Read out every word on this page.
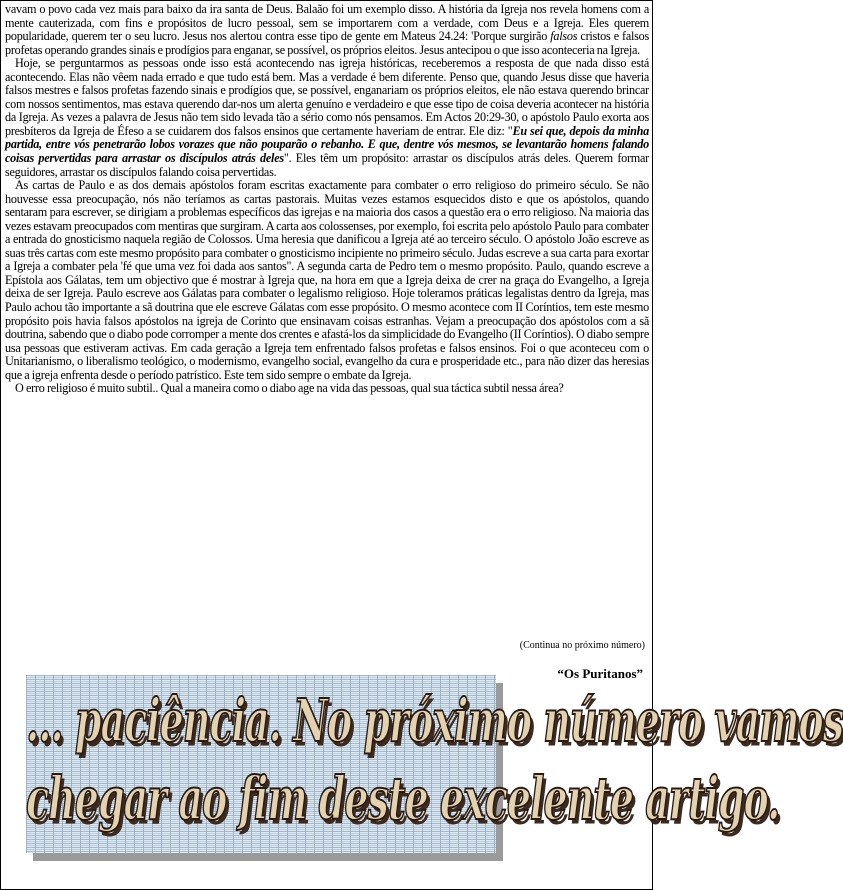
vavam o povo cada vez mais para baixo da ira santa de Deus. Balaão foi um exemplo disso. A história da Igreja nos revela homens com a mente cauterizada, com fins e propósitos de lucro pessoal, sem se importarem com a verdade, com Deus e a Igreja. Eles querem popularidade, querem ter o seu lucro. Jesus nos alertou contra esse tipo de gente em Mateus 24.24: 'Porque surgirão falsos cristos e falsos profetas operando grandes sinais e prodígios para enganar, se possível, os próprios eleitos. Jesus antecipou o que isso aconteceria na Igreja.

Hoje, se perguntarmos as pessoas onde isso está acontecendo nas igreja históricas, receberemos a resposta de que nada disso está acontecendo. Elas não vêem nada errado e que tudo está bem. Mas a verdade é bem diferente. Penso que, quando Jesus disse que haveria falsos mestres e falsos profetas fazendo sinais e prodígios que, se possível, enganariam os próprios eleitos, ele não estava querendo brincar com nossos sentimentos, mas estava querendo dar-nos um alerta genuíno e verdadeiro e que esse tipo de coisa deveria acontecer na história da Igreja. As vezes a palavra de Jesus não tem sido levada tão a sério como nós pensamos. Em Actos 20:29-30, o apóstolo Paulo exorta aos presbíteros da Igreja de Éfeso a se cuidarem dos falsos ensinos que certamente haveriam de entrar. Ele diz: "Eu sei que, depois da minha partida, entre vós penetrarão lobos vorazes que não pouparão o rebanho. E que, dentre vós mesmos, se levantarão homens falando coisas pervertidas para arrastar os discípulos atrás deles". Eles têm um propósito: arrastar os discípulos atrás deles. Querem formar seguidores, arrastar os discípulos falando coisa pervertidas.

As cartas de Paulo e as dos demais apóstolos foram escritas exactamente para combater o erro religioso do primeiro século. Se não houvesse essa preocupação, nós não teríamos as cartas pastorais. Muitas vezes estamos esquecidos disto e que os apóstolos, quando sentaram para escrever, se dirigiam a problemas específicos das igrejas e na maioria dos casos a questão era o erro religioso. Na maioria das vezes estavam preocupados com mentiras que surgiram. A carta aos colossenses, por exemplo, foi escrita pelo apóstolo Paulo para combater a entrada do gnosticismo naquela região de Colossos. Uma heresia que danificou a Igreja até ao terceiro século. O apóstolo João escreve as suas três cartas com este mesmo propósito para combater o gnosticismo incipiente no primeiro século. Judas escreve a sua carta para exortar a Igreja a combater pela 'fé que uma vez foi dada aos santos". A segunda carta de Pedro tem o mesmo propósito. Paulo, quando escreve a Epístola aos Gálatas, tem um objectivo que é mostrar à Igreja que, na hora em que a Igreja deixa de crer na graça do Evangelho, a Igreja deixa de ser Igreja. Paulo escreve aos Gálatas para combater o legalismo religioso. Hoje toleramos práticas legalistas dentro da Igreja, mas Paulo achou tão importante a sã doutrina que ele escreve Gálatas com esse propósito. O mesmo acontece com II Coríntios, tem este mesmo propósito pois havia falsos apóstolos na igreja de Corinto que ensinavam coisas estranhas. Vejam a preocupação dos apóstolos com a sã doutrina, sabendo que o diabo pode corromper a mente dos crentes e afastá-los da simplicidade do Evangelho (II Coríntios). O diabo sempre usa pessoas que estiveram activas. Em cada geração a Igreja tem enfrentado falsos profetas e falsos ensinos. Foi o que aconteceu com o Unitarianismo, o liberalismo teológico, o modernismo, evangelho social, evangelho da cura e prosperidade etc., para não dizer das heresias que a igreja enfrenta desde o período patrístico. Este tem sido sempre o embate da Igreja.

O erro religioso é muito subtil.. Qual a maneira como o diabo age na vida das pessoas, qual sua táctica subtil nessa área?

(Continua no próximo número)
“Os Puritanos”
... paciência. No próximo número vamos
chegar ao fim deste excelente artigo.
